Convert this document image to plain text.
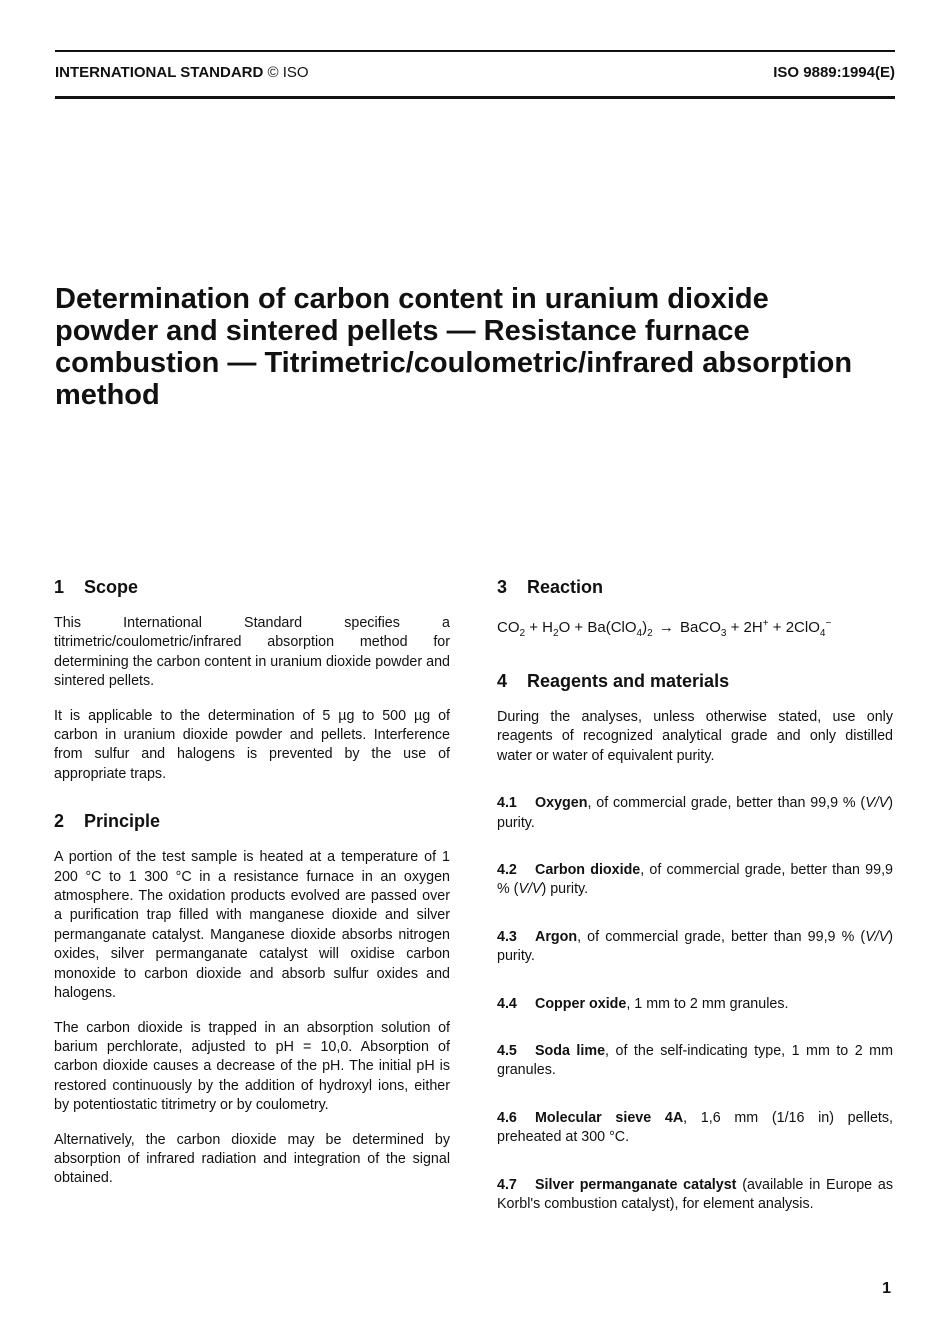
INTERNATIONAL STANDARD © ISO	ISO 9889:1994(E)
Determination of carbon content in uranium dioxide powder and sintered pellets — Resistance furnace combustion — Titrimetric/coulometric/infrared absorption method
1 Scope

This International Standard specifies a titrimetric/coulometric/infrared absorption method for determining the carbon content in uranium dioxide powder and sintered pellets.

It is applicable to the determination of 5 µg to 500 µg of carbon in uranium dioxide powder and pellets. Interference from sulfur and halogens is prevented by the use of appropriate traps.

2 Principle

A portion of the test sample is heated at a temperature of 1 200 °C to 1 300 °C in a resistance furnace in an oxygen atmosphere. The oxidation products evolved are passed over a purification trap filled with manganese dioxide and silver permanganate catalyst. Manganese dioxide absorbs nitrogen oxides, silver permanganate catalyst will oxidise carbon monoxide to carbon dioxide and absorb sulfur oxides and halogens.

The carbon dioxide is trapped in an absorption solution of barium perchlorate, adjusted to pH = 10,0. Absorption of carbon dioxide causes a decrease of the pH. The initial pH is restored continuously by the addition of hydroxyl ions, either by potentiostatic titrimetry or by coulometry.

Alternatively, the carbon dioxide may be determined by absorption of infrared radiation and integration of the signal obtained.

3 Reaction
$CO_2 + H_2O + Ba(ClO_4)_2$ → BaCO$_3$ + 2H+ + 2ClO$_4$−
4 Reagents and materials

During the analyses, unless otherwise stated, use only reagents of recognized analytical grade and only distilled water or water of equivalent purity.

4.1 Oxygen, of commercial grade, better than 99,9 % (V/V) purity.

4.2 Carbon dioxide, of commercial grade, better than 99,9 % (V/V) purity.

4.3 Argon, of commercial grade, better than 99,9 % (V/V) purity.

4.4 Copper oxide, 1 mm to 2 mm granules.

4.5 Soda lime, of the self-indicating type, 1 mm to 2 mm granules.

4.6 Molecular sieve 4A, 1,6 mm (1/16 in) pellets, preheated at 300 °C.

4.7 Silver permanganate catalyst (available in Europe as Korbl's combustion catalyst), for element analysis.

1
